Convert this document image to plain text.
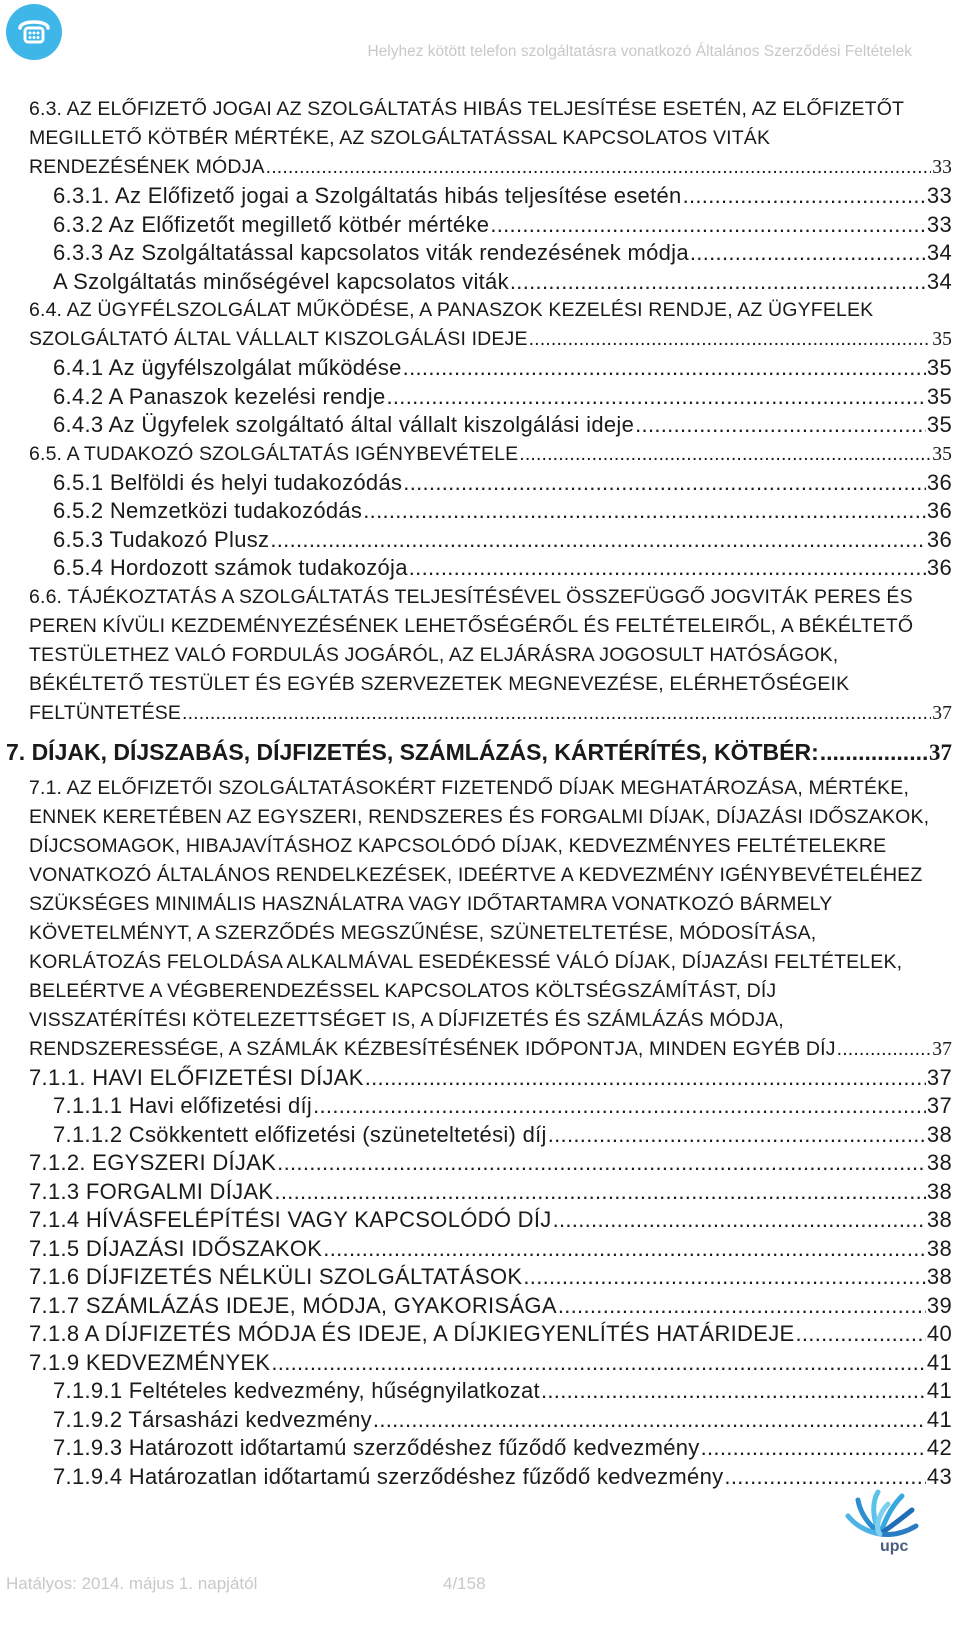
Helyhez kötött telefon szolgáltatásra vonatkozó Általános Szerződési Feltételek
6.3. AZ ELŐFIZETŐ JOGAI AZ SZOLGÁLTATÁS HIBÁS TELJESÍTÉSE ESETÉN, AZ ELŐFIZETŐT
MEGILLETŐ KÖTBÉR MÉRTÉKE, AZ SZOLGÁLTATÁSSAL KAPCSOLATOS VITÁK
RENDEZÉSÉNEK MÓDJA .....	33
6.3.1. Az Előfizető jogai a Szolgáltatás hibás teljesítése esetén .....	33
6.3.2 Az Előfizetőt megillető kötbér mértéke .....	33
6.3.3 Az Szolgáltatással kapcsolatos viták rendezésének módja .....	34
A Szolgáltatás minőségével kapcsolatos viták .....	34
6.4. AZ ÜGYFÉLSZOLGÁLAT MŰKÖDÉSE, A PANASZOK KEZELÉSI RENDJE, AZ ÜGYFELEK
SZOLGÁLTATÓ ÁLTAL VÁLLALT KISZOLGÁLÁSI IDEJE .....	35
6.4.1 Az ügyfélszolgálat működése .....	35
6.4.2 A Panaszok kezelési rendje .....	35
6.4.3 Az Ügyfelek szolgáltató által vállalt kiszolgálási ideje .....	35
6.5. A TUDAKOZÓ SZOLGÁLTATÁS IGÉNYBEVÉTELE .....	35
6.5.1 Belföldi és helyi tudakozódás .....	36
6.5.2 Nemzetközi tudakozódás .....	36
6.5.3 Tudakozó Plusz .....	36
6.5.4 Hordozott számok tudakozója .....	36
6.6. TÁJÉKOZTATÁS A SZOLGÁLTATÁS TELJESÍTÉSÉVEL ÖSSZEFÜGGŐ JOGVITÁK PERES ÉS
PEREN KÍVÜLI KEZDEMÉNYEZÉSÉNEK LEHETŐSÉGÉRŐL ÉS FELTÉTELEIRŐL, A BÉKÉLTETŐ
TESTÜLETHEZ VALÓ FORDULÁS JOGÁRÓL, AZ ELJÁRÁSRA JOGOSULT HATÓSÁGOK,
BÉKÉLTETŐ TESTÜLET ÉS EGYÉB SZERVEZETEK MEGNEVEZÉSE, ELÉRHETŐSÉGEIK
FELTÜNTETÉSE .....	37
7. DÍJAK, DÍJSZABÁS, DÍJFIZETÉS, SZÁMLÁZÁS, KÁRTÉRÍTÉS, KÖTBÉR: .....	37
7.1. AZ ELŐFIZETŐI SZOLGÁLTATÁSOKÉRT FIZETENDŐ DÍJAK MEGHATÁROZÁSA, MÉRTÉKE,
ENNEK KERETÉBEN AZ EGYSZERI, RENDSZERES ÉS FORGALMI DÍJAK, DÍJAZÁSI IDŐSZAKOK,
DÍJCSOMAGOK, HIBAJAVÍTÁSHOZ KAPCSOLÓDÓ DÍJAK, KEDVEZMÉNYES FELTÉTELEKRE
VONATKOZÓ ÁLTALÁNOS RENDELKEZÉSEK, IDEÉRTVE A KEDVEZMÉNY IGÉNYBEVÉTELÉHEZ
SZÜKSÉGES MINIMÁLIS HASZNÁLATRA VAGY IDŐTARTAMRA VONATKOZÓ BÁRMELY
KÖVETELMÉNYT, A SZERZŐDÉS MEGSZŰNÉSE, SZÜNETELTETÉSE, MÓDOSÍTÁSA,
KORLÁTOZÁS FELOLDÁSA ALKALMÁVAL ESEDÉKESSÉ VÁLÓ DÍJAK, DÍJAZÁSI FELTÉTELEK,
BELEÉRTVE A VÉGBERENDEZÉSSEL KAPCSOLATOS KÖLTSÉGSZÁMÍTÁST, DÍJ
VISSZATÉRÍTÉSI KÖTELEZETTSÉGET IS, A DÍJFIZETÉS ÉS SZÁMLÁZÁS MÓDJA,
RENDSZERESSÉGE, A SZÁMLÁK KÉZBESÍTÉSÉNEK IDŐPONTJA, MINDEN EGYÉB DÍJ .....	37
7.1.1. HAVI ELŐFIZETÉSI DÍJAK .....	37
7.1.1.1 Havi előfizetési díj .....	37
7.1.1.2 Csökkentett előfizetési (szüneteltetési) díj .....	38
7.1.2. EGYSZERI DÍJAK .....	38
7.1.3 FORGALMI DÍJAK .....	38
7.1.4 HÍVÁSFELÉPÍTÉSI VAGY KAPCSOLÓDÓ DÍJ .....	38
7.1.5 DÍJAZÁSI IDŐSZAKOK .....	38
7.1.6 DÍJFIZETÉS NÉLKÜLI SZOLGÁLTATÁSOK .....	38
7.1.7 SZÁMLÁZÁS IDEJE, MÓDJA, GYAKORISÁGA .....	39
7.1.8 A DÍJFIZETÉS MÓDJA ÉS IDEJE, A DÍJKIEGYENLÍTÉS HATÁRIDEJE .....	40
7.1.9 KEDVEZMÉNYEK .....	41
7.1.9.1 Feltételes kedvezmény, hűségnyilatkozat .....	41
7.1.9.2 Társasházi kedvezmény .....	41
7.1.9.3 Határozott időtartamú szerződéshez fűződő kedvezmény .....	42
7.1.9.4 Határozatlan időtartamú szerződéshez fűződő kedvezmény .....	43
upc
Hatályos: 2014. május 1. napjától	4/158
